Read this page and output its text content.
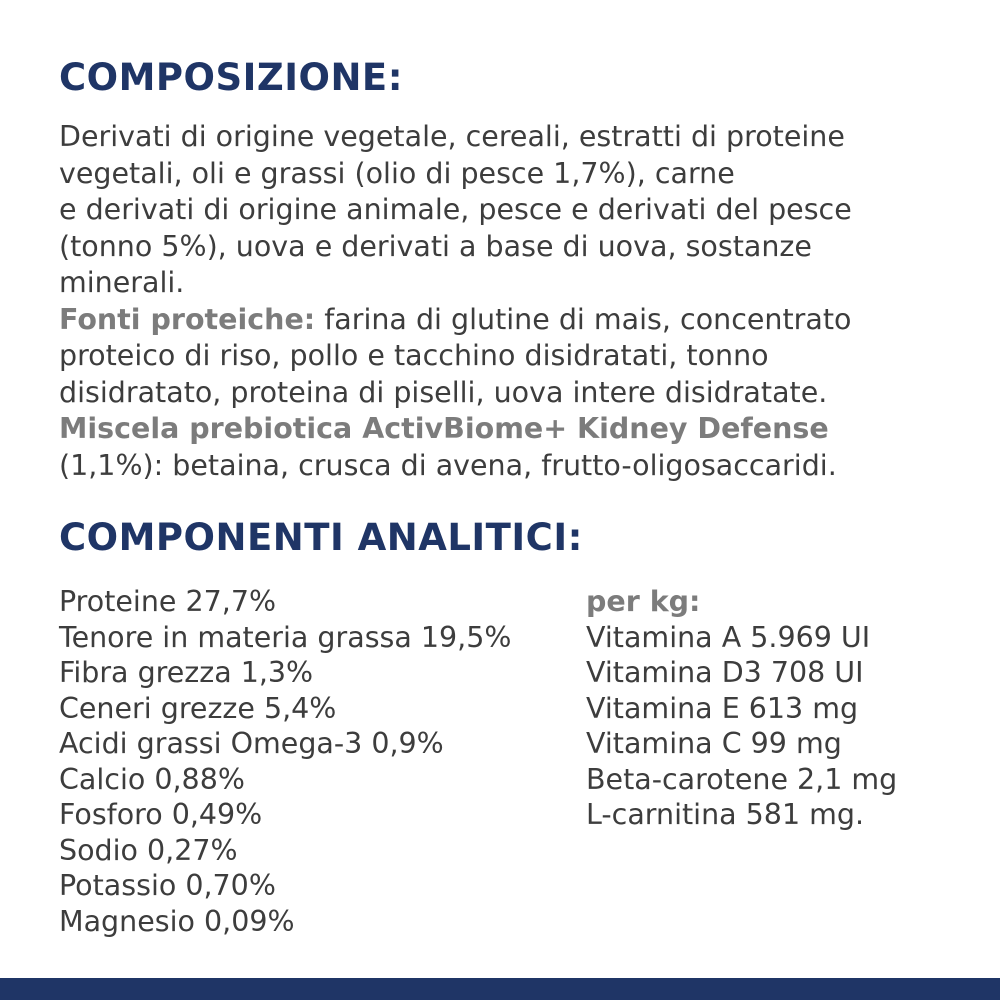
COMPOSIZIONE:
Derivati di origine vegetale, cereali, estratti di proteine
vegetali, oli e grassi (olio di pesce 1,7%), carne
e derivati di origine animale, pesce e derivati del pesce
(tonno 5%), uova e derivati a base di uova, sostanze
minerali.
Fonti proteiche: farina di glutine di mais, concentrato
proteico di riso, pollo e tacchino disidratati, tonno
disidratato, proteina di piselli, uova intere disidratate.
Miscela prebiotica ActivBiome+ Kidney Defense
(1,1%): betaina, crusca di avena, frutto-oligosaccaridi.
COMPONENTI ANALITICI:
Proteine 27,7%
Tenore in materia grassa 19,5%
Fibra grezza 1,3%
Ceneri grezze 5,4%
Acidi grassi Omega-3 0,9%
Calcio 0,88%
Fosforo 0,49%
Sodio 0,27%
Potassio 0,70%
Magnesio 0,09%
per kg:
Vitamina A 5.969 UI
Vitamina D3 708 UI
Vitamina E 613 mg
Vitamina C 99 mg
Beta-carotene 2,1 mg
L-carnitina 581 mg.
